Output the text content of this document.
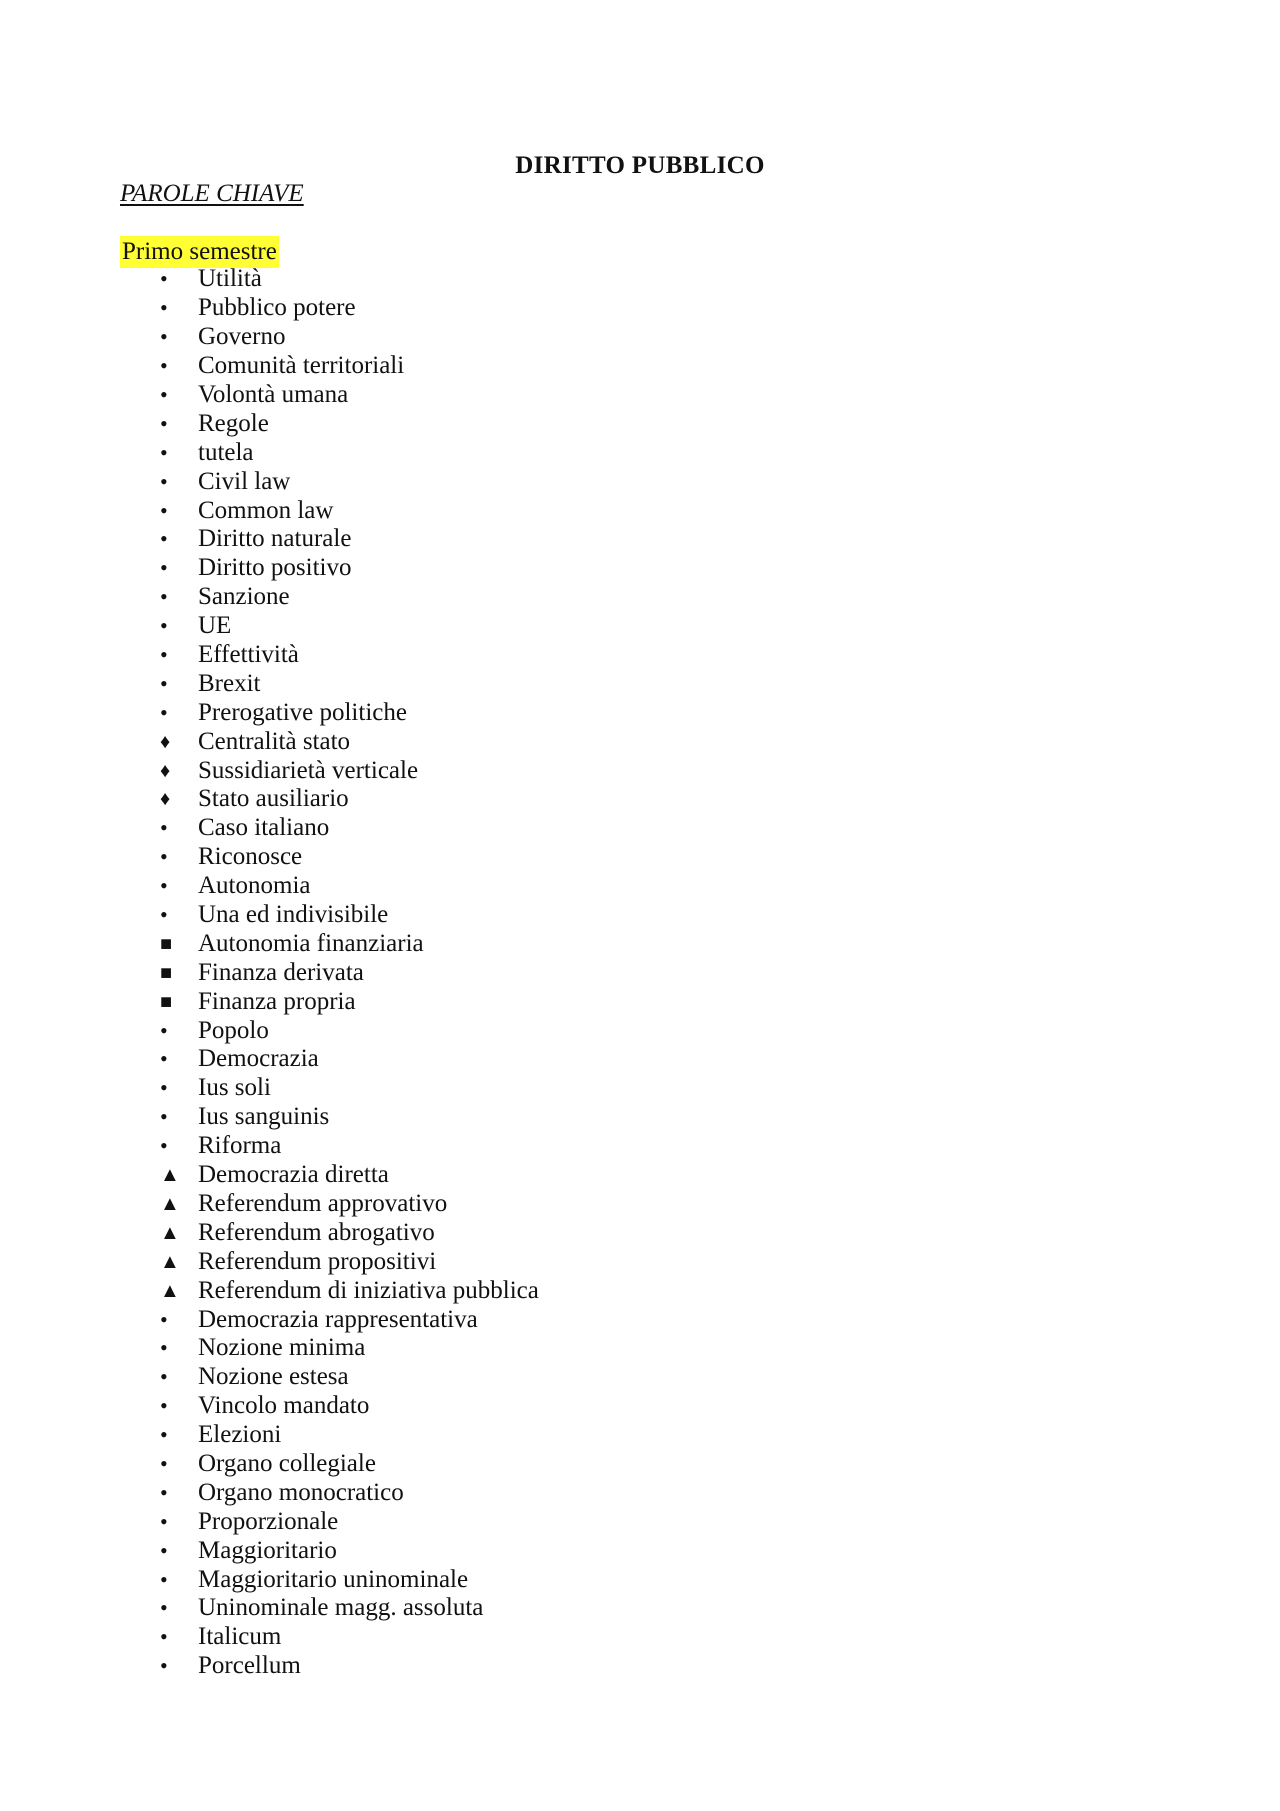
DIRITTO PUBBLICO
PAROLE CHIAVE
Primo semestre
•	Utilità
•	Pubblico potere
•	Governo
•	Comunità territoriali
•	Volontà umana
•	Regole
•	tutela
•	Civil law
•	Common law
•	Diritto naturale
•	Diritto positivo
•	Sanzione
•	UE
•	Effettività
•	Brexit
•	Prerogative politiche
♦	Centralità stato
♦	Sussidiarietà verticale
♦	Stato ausiliario
•	Caso italiano
•	Riconosce
•	Autonomia
•	Una ed indivisibile
■	Autonomia finanziaria
■	Finanza derivata
■	Finanza propria
•	Popolo
•	Democrazia
•	Ius soli
•	Ius sanguinis
•	Riforma
▲ Democrazia diretta
▲ Referendum approvativo
▲ Referendum abrogativo
▲ Referendum propositivi
▲ Referendum di iniziativa pubblica
•	Democrazia rappresentativa
•	Nozione minima
•	Nozione estesa
•	Vincolo mandato
•	Elezioni
•	Organo collegiale
•	Organo monocratico
•	Proporzionale
•	Maggioritario
•	Maggioritario uninominale
•	Uninominale magg. assoluta
•	Italicum
•	Porcellum
